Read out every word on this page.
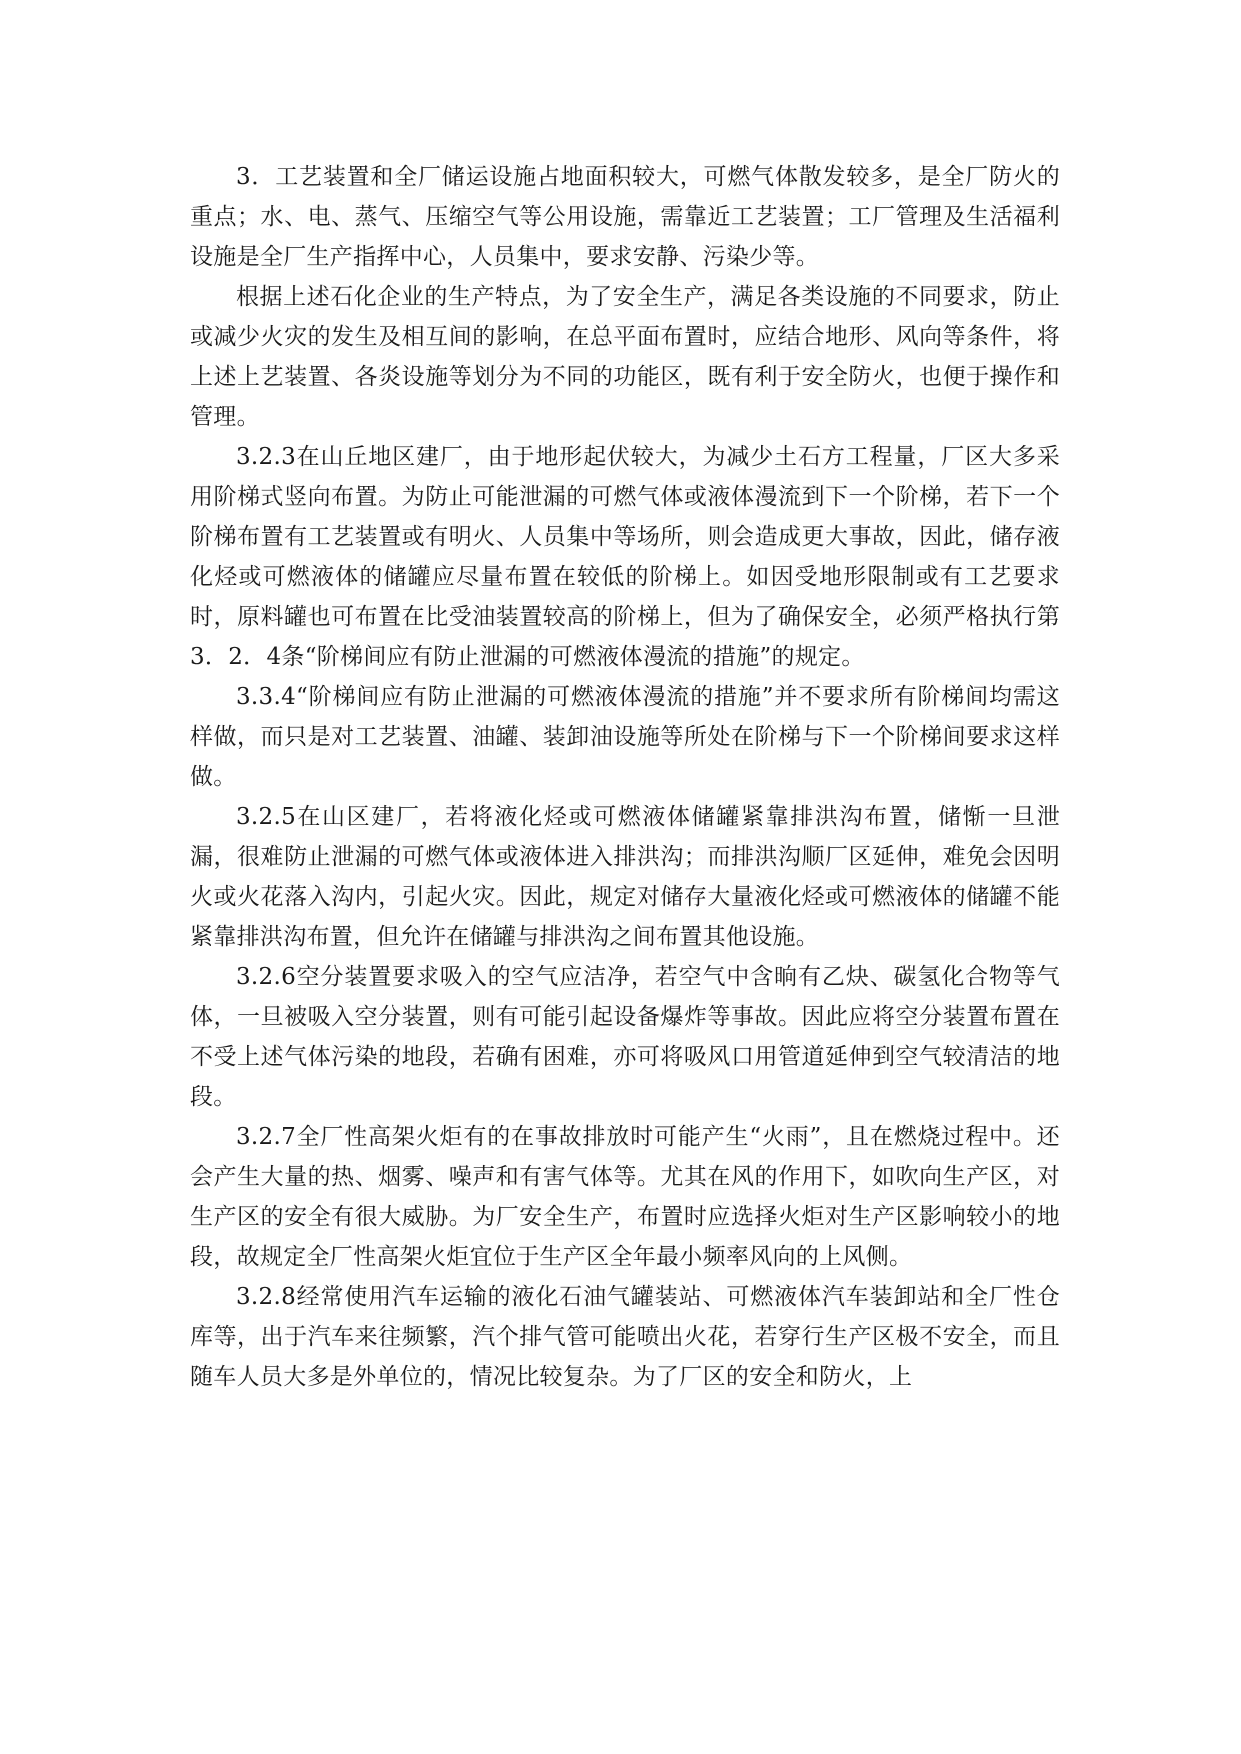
3．工艺装置和全厂储运设施占地面积较大，可燃气体散发较多，是全厂防火的重点；水、电、蒸气、压缩空气等公用设施，需靠近工艺装置；工厂管理及生活福利设施是全厂生产指挥中心，人员集中，要求安静、污染少等。

根据上述石化企业的生产特点，为了安全生产，满足各类设施的不同要求，防止或减少火灾的发生及相互间的影响，在总平面布置时，应结合地形、风向等条件，将上述上艺装置、各炎设施等划分为不同的功能区，既有利于安全防火，也便于操作和管理。

3.2.3在山丘地区建厂，由于地形起伏较大，为减少土石方工程量，厂区大多采用阶梯式竖向布置。为防止可能泄漏的可燃气体或液体漫流到下一个阶梯，若下一个阶梯布置有工艺装置或有明火、人员集中等场所，则会造成更大事故，因此，储存液化烃或可燃液体的储罐应尽量布置在较低的阶梯上。如因受地形限制或有工艺要求时，原料罐也可布置在比受油装置较高的阶梯上，但为了确保安全，必须严格执行第3．2．4条“阶梯间应有防止泄漏的可燃液体漫流的措施”的规定。

3.3.4“阶梯间应有防止泄漏的可燃液体漫流的措施”并不要求所有阶梯间均需这样做，而只是对工艺装置、油罐、装卸油设施等所处在阶梯与下一个阶梯间要求这样做。

3.2.5在山区建厂，若将液化烃或可燃液体储罐紧靠排洪沟布置，储惭一旦泄漏，很难防止泄漏的可燃气体或液体进入排洪沟；而排洪沟顺厂区延伸，难免会因明火或火花落入沟内，引起火灾。因此，规定对储存大量液化烃或可燃液体的储罐不能紧靠排洪沟布置，但允许在储罐与排洪沟之间布置其他设施。

3.2.6空分装置要求吸入的空气应洁净，若空气中含晌有乙炔、碳氢化合物等气体，一旦被吸入空分装置，则有可能引起设备爆炸等事故。因此应将空分装置布置在不受上述气体污染的地段，若确有困难，亦可将吸风口用管道延伸到空气较清洁的地段。

3.2.7全厂性高架火炬有的在事故排放时可能产生“火雨”，且在燃烧过程中。还会产生大量的热、烟雾、噪声和有害气体等。尤其在风的作用下，如吹向生产区，对生产区的安全有很大威胁。为厂安全生产，布置时应选择火炬对生产区影响较小的地段，故规定全厂性高架火炬宜位于生产区全年最小频率风向的上风侧。

3.2.8经常使用汽车运输的液化石油气罐装站、可燃液体汽车装卸站和全厂性仓库等，出于汽车来往频繁，汽个排气管可能喷出火花，若穿行生产区极不安全，而且随车人员大多是外单位的，情况比较复杂。为了厂区的安全和防火，上
